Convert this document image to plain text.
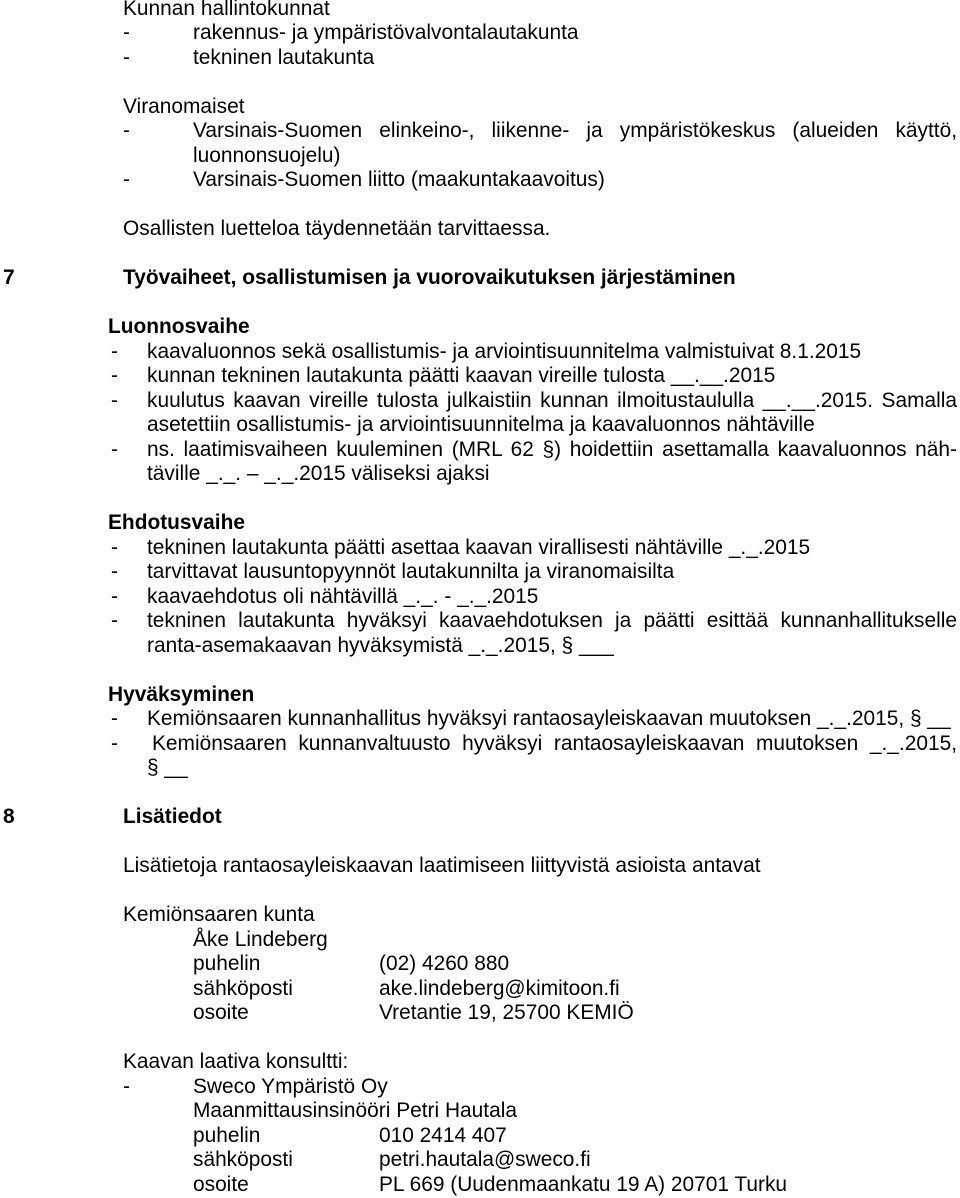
Kunnan hallintokunnat
-	rakennus- ja ympäristövalvontalautakunta
-	tekninen lautakunta
Viranomaiset
-	Varsinais-Suomen elinkeino-, liikenne- ja ympäristökeskus (alueiden käyttö,
luonnonsuojelu)
-	Varsinais-Suomen liitto (maakuntakaavoitus)
Osallisten luetteloa täydennetään tarvittaessa.
7	Työvaiheet, osallistumisen ja vuorovaikutuksen järjestäminen
Luonnosvaihe
- kaavaluonnos sekä osallistumis- ja arviointisuunnitelma valmistuivat 8.1.2015
- kunnan tekninen lautakunta päätti kaavan vireille tulosta __.__.2015
- kuulutus kaavan vireille tulosta julkaistiin kunnan ilmoitustaululla __.__.2015. Samalla
asetettiin osallistumis- ja arviointisuunnitelma ja kaavaluonnos nähtäville
- ns. laatimisvaiheen kuuleminen (MRL 62 §) hoidettiin asettamalla kaavaluonnos näh-
täville _._. – _._.2015 väliseksi ajaksi
Ehdotusvaihe
- tekninen lautakunta päätti asettaa kaavan virallisesti nähtäville _._.2015
- tarvittavat lausuntopyynnöt lautakunnilta ja viranomaisilta
- kaavaehdotus oli nähtävillä _._. - _._.2015
- tekninen lautakunta hyväksyi kaavaehdotuksen ja päätti esittää kunnanhallitukselle
ranta-asemakaavan hyväksymistä _._.2015, § ___
Hyväksyminen
- Kemiönsaaren kunnanhallitus hyväksyi rantaosayleiskaavan muutoksen _._.2015, § __
- Kemiönsaaren kunnanvaltuusto hyväksyi rantaosayleiskaavan muutoksen _._.2015,
§ __
8	Lisätiedot
Lisätietoja rantaosayleiskaavan laatimiseen liittyvistä asioista antavat
Kemiönsaaren kunta
Åke Lindeberg
puhelin	(02) 4260 880
sähköposti	ake.lindeberg@kimitoon.fi
osoite	Vretantie 19, 25700 KEMIÖ
Kaavan laativa konsultti:
-	Sweco Ympäristö Oy
Maanmittausinsinööri Petri Hautala
puhelin	010 2414 407
sähköposti	petri.hautala@sweco.fi
osoite	PL 669 (Uudenmaankatu 19 A) 20701 Turku
